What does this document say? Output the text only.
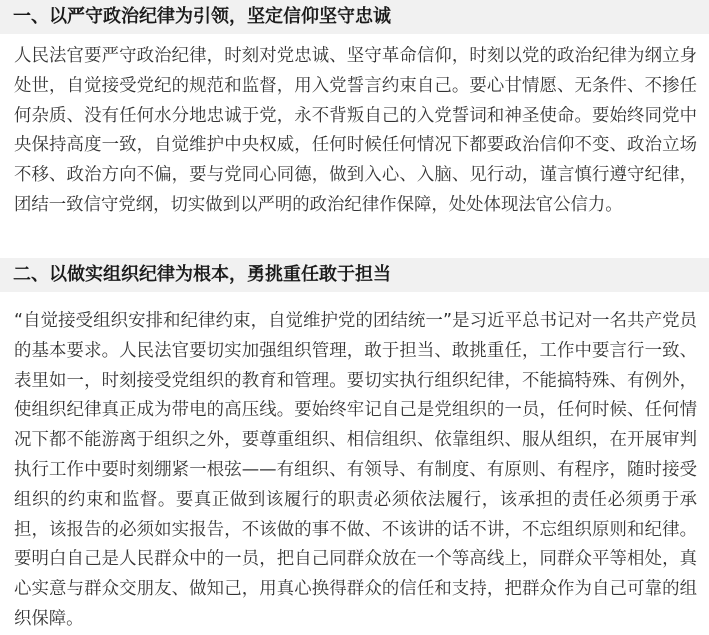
一、以严守政治纪律为引领，坚定信仰坚守忠诚

人民法官要严守政治纪律，时刻对党忠诚、坚守革命信仰，时刻以党的政治纪律为纲立身处世，自觉接受党纪的规范和监督，用入党誓言约束自己。要心甘情愿、无条件、不掺任何杂质、没有任何水分地忠诚于党，永不背叛自己的入党誓词和神圣使命。要始终同党中央保持高度一致，自觉维护中央权威，任何时候任何情况下都要政治信仰不变、政治立场不移、政治方向不偏，要与党同心同德，做到入心、入脑、见行动，谨言慎行遵守纪律，团结一致信守党纲，切实做到以严明的政治纪律作保障，处处体现法官公信力。

二、以做实组织纪律为根本，勇挑重任敢于担当

“自觉接受组织安排和纪律约束，自觉维护党的团结统一”是习近平总书记对一名共产党员的基本要求。人民法官要切实加强组织管理，敢于担当、敢挑重任，工作中要言行一致、表里如一，时刻接受党组织的教育和管理。要切实执行组织纪律，不能搞特殊、有例外，使组织纪律真正成为带电的高压线。要始终牢记自己是党组织的一员，任何时候、任何情况下都不能游离于组织之外，要尊重组织、相信组织、依靠组织、服从组织，在开展审判执行工作中要时刻绷紧一根弦——有组织、有领导、有制度、有原则、有程序，随时接受组织的约束和监督。要真正做到该履行的职责必须依法履行，该承担的责任必须勇于承担，该报告的必须如实报告，不该做的事不做、不该讲的话不讲，不忘组织原则和纪律。要明白自己是人民群众中的一员，把自己同群众放在一个等高线上，同群众平等相处，真心实意与群众交朋友、做知己，用真心换得群众的信任和支持，把群众作为自己可靠的组织保障。
